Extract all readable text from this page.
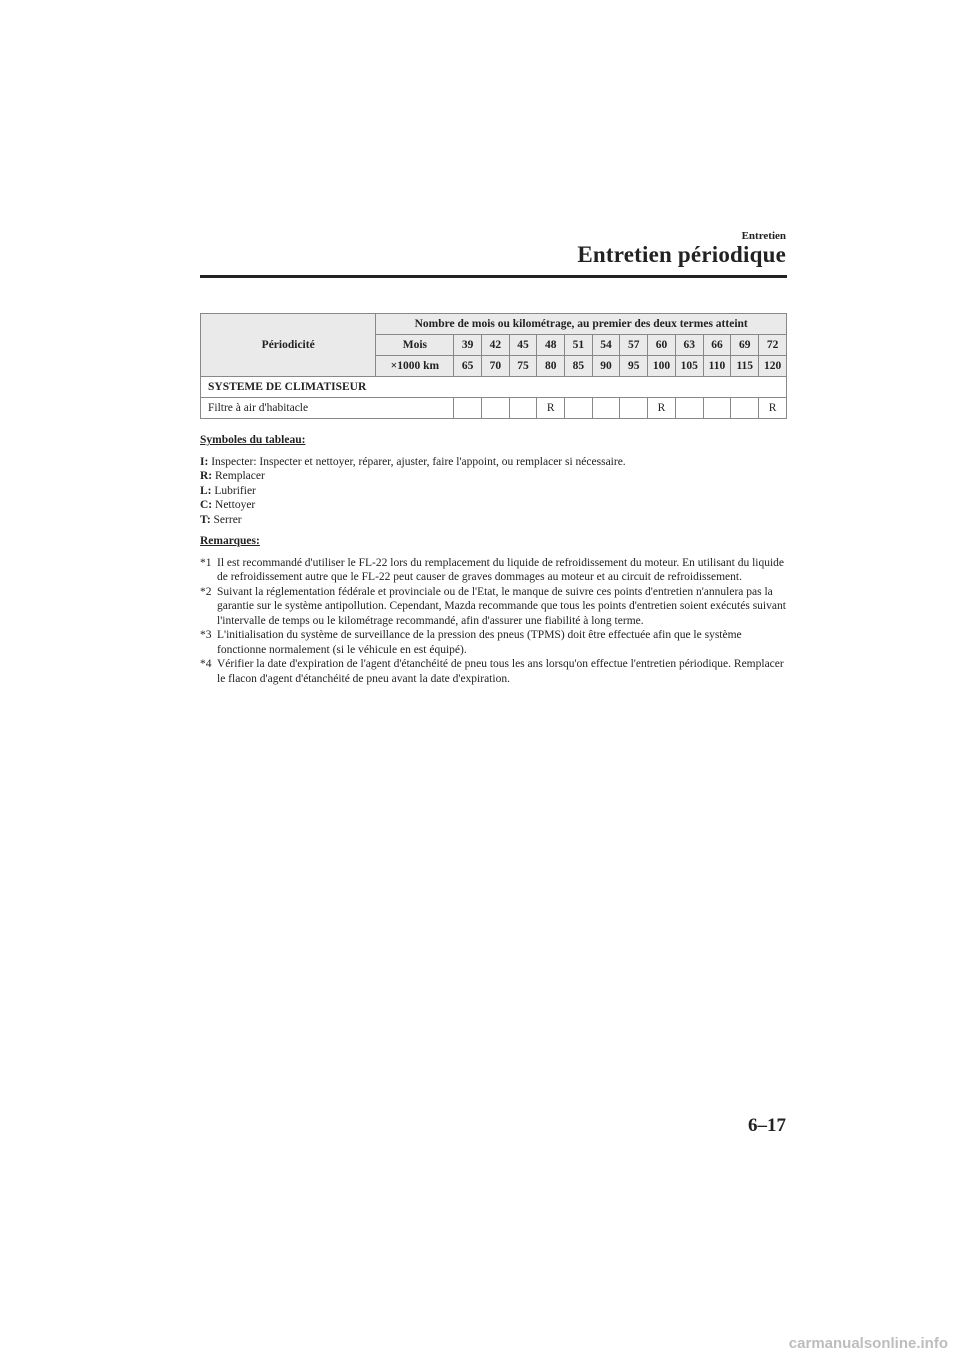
Entretien
Entretien périodique
Périodicité	Nombre de mois ou kilométrage, au premier des deux termes atteint												
	Mois	39	42	45	48	51	54	57	60	63	66	69	72
	×1000 km	65	70	75	80	85	90	95	100	105	110	115	120
SYSTEME DE CLIMATISEUR													
Filtre à air d'habitacle					R				R				R
Symboles du tableau:
I: Inspecter: Inspecter et nettoyer, réparer, ajuster, faire l'appoint, ou remplacer si nécessaire.
R: Remplacer
L: Lubrifier
C: Nettoyer
T: Serrer
Remarques:
*1 Il est recommandé d'utiliser le FL-22 lors du remplacement du liquide de refroidissement du moteur. En utilisant du liquide de refroidissement autre que le FL-22 peut causer de graves dommages au moteur et au circuit de refroidissement.
*2 Suivant la réglementation fédérale et provinciale ou de l'Etat, le manque de suivre ces points d'entretien n'annulera pas la garantie sur le système antipollution. Cependant, Mazda recommande que tous les points d'entretien soient exécutés suivant l'intervalle de temps ou le kilométrage recommandé, afin d'assurer une fiabilité à long terme.
*3 L'initialisation du système de surveillance de la pression des pneus (TPMS) doit être effectuée afin que le système fonctionne normalement (si le véhicule en est équipé).
*4 Vérifier la date d'expiration de l'agent d'étanchéité de pneu tous les ans lorsqu'on effectue l'entretien périodique. Remplacer le flacon d'agent d'étanchéité de pneu avant la date d'expiration.
6–17
carmanualsonline.info
